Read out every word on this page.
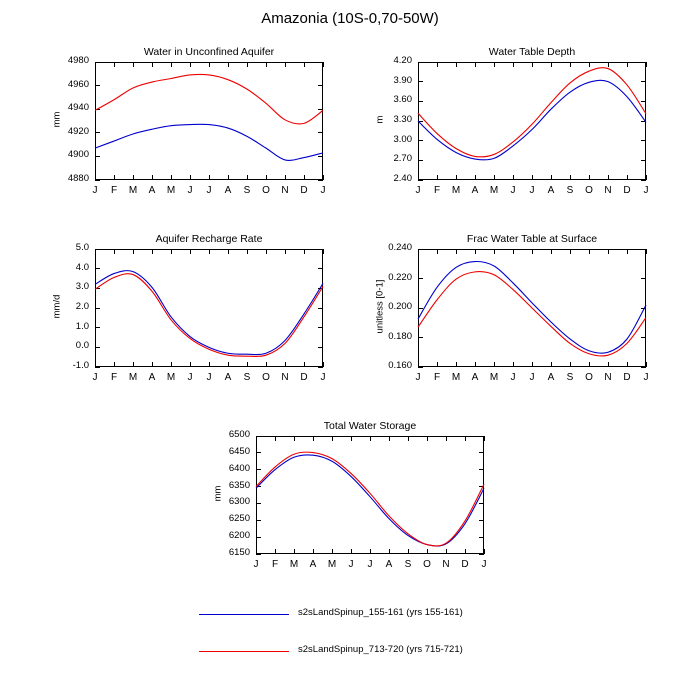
Amazonia (10S-0,70-50W)
Water in Unconfined Aquifer
mm
4880
4900
4920
4940
4960
4980
J	F	M	A	M	J	J	A	S	O	N	D	J
Water Table Depth
m
2.40
2.70
3.00
3.30
3.60
3.90
4.20
J	F	M	A	M	J	J	A	S	O	N	D	J
Aquifer Recharge Rate
mm/d
-1.0
0.0
1.0
2.0
3.0
4.0
5.0
J	F	M	A	M	J	J	A	S	O	N	D	J
Frac Water Table at Surface
unitless [0-1]
0.160
0.180
0.200
0.220
0.240
J	F	M	A	M	J	J	A	S	O	N	D	J
Total Water Storage
mm
6150
6200
6250
6300
6350
6400
6450
6500
J	F	M	A	M	J	J	A	S	O	N	D	J
s2sLandSpinup_155-161 (yrs 155-161)
s2sLandSpinup_713-720 (yrs 715-721)
